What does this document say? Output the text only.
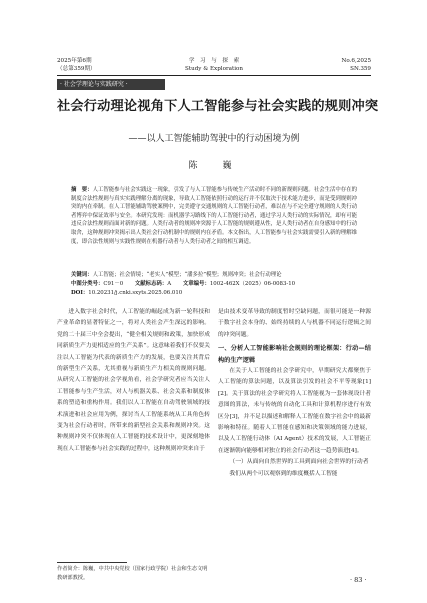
2025年第6期
（总第359期）
学　习　与　探　索
Study & Exploration
No.6,2025
SN.359
· 社会学理论与实践研究 ·
社会行动理论视角下人工智能参与社会实践的规则冲突
——以人工智能辅助驾驶中的行动困境为例
陈　巍
摘　要：人工智能参与社会实践这一现象，引发了与人工智能参与传统生产活动时不同的新规则问题。社会生活中存在的制度合法性规则与真实实践理解分离的现象，导致人工智能依照行动的运行并不仅取决于技术能力进步，而是受到规则冲突的内在牵制。在人工智能辅助驾驶案例中，完美遵守交通规则的人工智能行动者，难以在与不完全遵守规则的人类行动者博弈中保证效率与安全。本研究发现：而机器学习路线下的人工智能行动者，通过学习人类行动的实际情况，却有可能违反合法性规则而面对新的问题。人类行动者的规则冲突源于人工智能的规则遵从性，是人类行动者在自身感知中的行动取舍，这种规则冲突揭示出人类社会行动机制中的规则内在矛盾。本文指出，人工智能参与社会实践需要引入新的理解维度，即合法性规则与实践性规则在机器行动者与人类行动者之间的相互调适。
关键词：人工智能；社会情境；“老实人”模型；“潘多拉”模型；规则冲突；社会行动理论
中图分类号：C91－0 文献标志码：A 文章编号：1002-462X（2025）06-0083-10
DOI：10.20231/j.cnki.sxyts.2025.06.010

进入数字社会时代，人工智能的崛起成为新一轮科技和产业革命的显著特征之一，将对人类社会产生深远的影响。党的二十届三中全会提出，“健全相关规则和政策，加快形成同新质生产力更相适应的生产关系”。这意味着我们不仅要关注以人工智能为代表的新质生产力的发展，也要关注其背后的新型生产关系，尤其重视与新质生产力相关的规则问题。从研究人工智能的社会学视角看，社会学研究者应当关注人工智能参与生产生活，对人与机器关系、社会关系和制度体系的塑造和重构作用。我们以人工智能在自动驾驶领域的技术演进和社会应用为例，探讨当人工智能系统从工具角色转变为社会行动者时，所带来的新型社会关系和规则冲突。这种规则冲突不仅体现在人工智能的技术设计中，更深刻地体现在人工智能参与社会实践的过程中，这种规则冲突来自于

作者简介：陈巍，中共中央党校（国家行政学院）社会和生态文明教研部教授。

是由技术变革导致的制度暂时空缺问题，而很可能是一种源于数字社会本身的、始终持续的人与机器不同运行逻辑之间的冲突问题。

一、分析人工智能影响社会规则的理论框架：行动—结构的生产逻辑

在关于人工智能的社会学研究中，早期研究大都聚焦于人工智能的算法问题，以及算法引发的社会不平等现象[1][2]。关于算法的社会学研究将人工智能视为一套体现设计者意图的算法，未与传统的自动化工具和计算机程序进行有效区分[3]，并不足以描述和解释人工智能在数字社会中的最新影响和特征。随着人工智能在感知和决策领域的能力进展，以及人工智能行动体（AI Agent）技术的发展，人工智能正在逐渐朝向能够相对独立的社会行动者这一趋势演进[4]。

（一）从面向自然世界的工具到面向社会世界的行动者

我们从两个可以观察到的维度概括人工智能

· 83 ·
